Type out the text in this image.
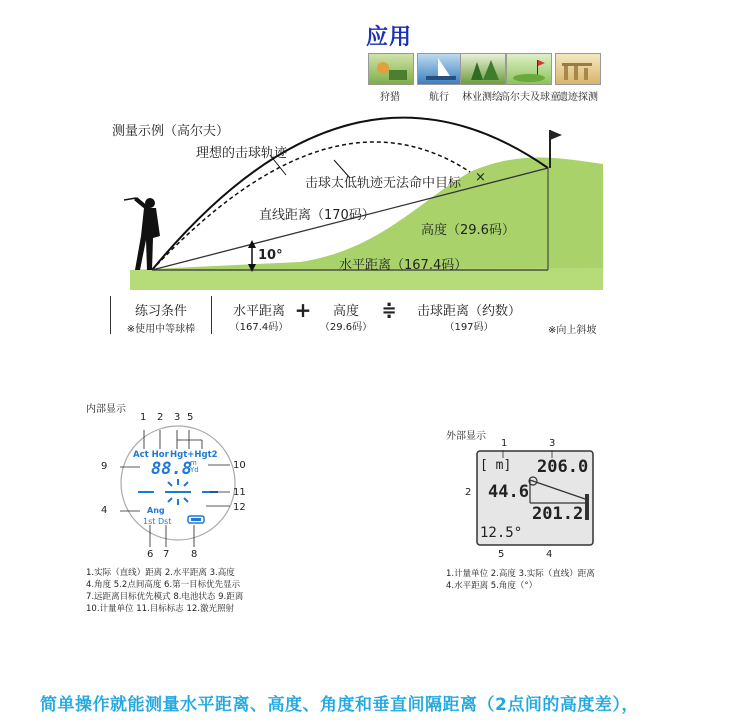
应用
狩猎	航行	林业测绘
高尔夫及球童
遗迹探测
测量示例（高尔夫）
理想的击球轨迹
击球太低轨迹无法命中目标 ×
直线距离（170码）
高度（29.6码）
10°
水平距离（167.4码）
练习条件
※使用中等球棒
水平距离
（167.4码）
+	高度
（29.6码）
≑	击球距离（约数）
（197码）	※向上斜坡
内部显示
1 2 3 5
9	10
11
4	12
6 7 8
Act Hor Hgt+Hgt2
88.8
m
Yd
Ang
1st Dst
1.实际（直线）距离 2.水平距离 3.高度
4.角度 5.2点间高度 6.第一目标优先显示
7.远距离目标优先模式 8.电池状态 9.距离
10.计量单位 11.目标标志 12.激光照射
外部显示
1	3
2
5	4
[ m] 206.0
44.6
201.2
12.5°
1.计量单位 2.高度 3.实际（直线）距离
4.水平距离 5.角度（°）
简单操作就能测量水平距离、高度、角度和垂直间隔距离（2点间的高度差），
